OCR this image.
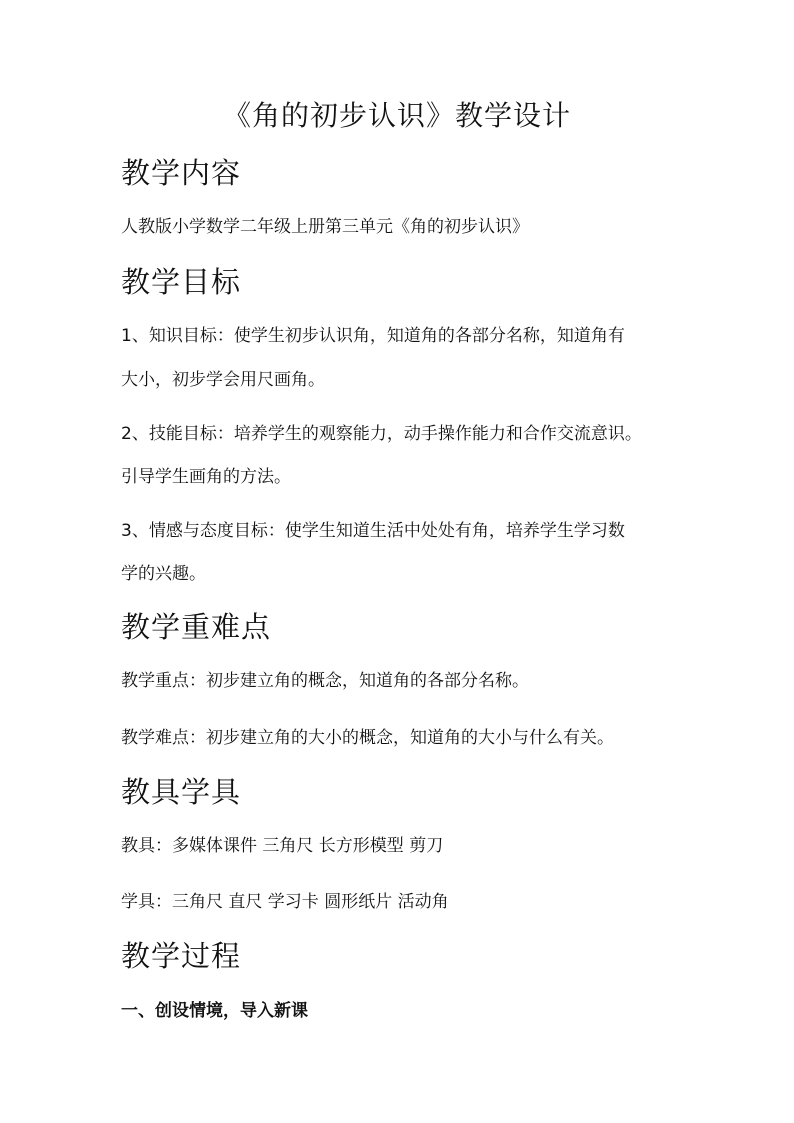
《角的初步认识》教学设计
教学内容

人教版小学数学二年级上册第三单元《角的初步认识》

教学目标

1、知识目标：使学生初步认识角，知道角的各部分名称，知道角有

大小，初步学会用尺画角。

2、技能目标：培养学生的观察能力，动手操作能力和合作交流意识。

引导学生画角的方法。

3、情感与态度目标：使学生知道生活中处处有角，培养学生学习数

学的兴趣。

教学重难点

教学重点：初步建立角的概念，知道角的各部分名称。

教学难点：初步建立角的大小的概念，知道角的大小与什么有关。

教具学具

教具：多媒体课件 三角尺 长方形模型 剪刀

学具：三角尺 直尺 学习卡 圆形纸片 活动角

教学过程

一、创设情境，导入新课
